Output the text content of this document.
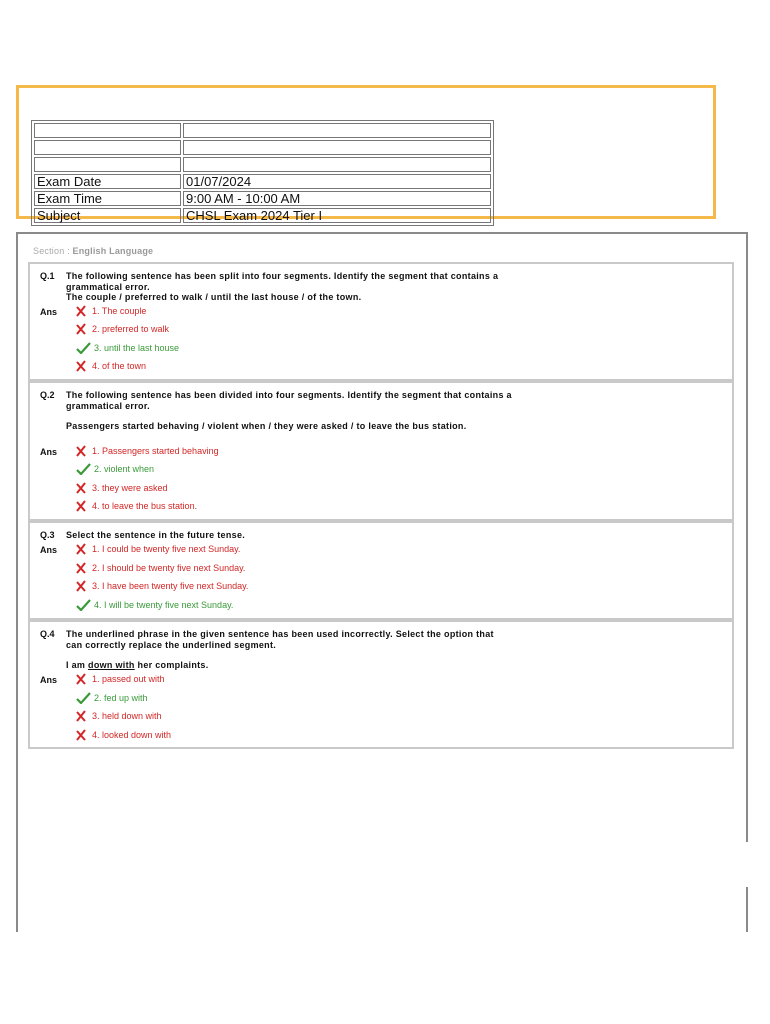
Exam Date	01/07/2024
Exam Time	9:00 AM - 10:00 AM
Subject	CHSL Exam 2024 Tier I
Section : English Language
Q.1 The following sentence has been split into four segments. Identify the segment that contains a grammatical error.

The couple / preferred to walk / until the last house / of the town.

Ans	1. The couple
2. preferred to walk
3. until the last house
4. of the town
Q.2 The following sentence has been divided into four segments. Identify the segment that contains a grammatical error.

Passengers started behaving / violent when / they were asked / to leave the bus station.

Ans	1. Passengers started behaving
2. violent when
3. they were asked
4. to leave the bus station.
Q.3 Select the sentence in the future tense.

Ans	1. I could be twenty five next Sunday.
2. I should be twenty five next Sunday.
3. I have been twenty five next Sunday.
4. I will be twenty five next Sunday.
Q.4 The underlined phrase in the given sentence has been used incorrectly. Select the option that can correctly replace the underlined segment.

I am down with her complaints.

Ans	1. passed out with
2. fed up with
3. held down with
4. looked down with
